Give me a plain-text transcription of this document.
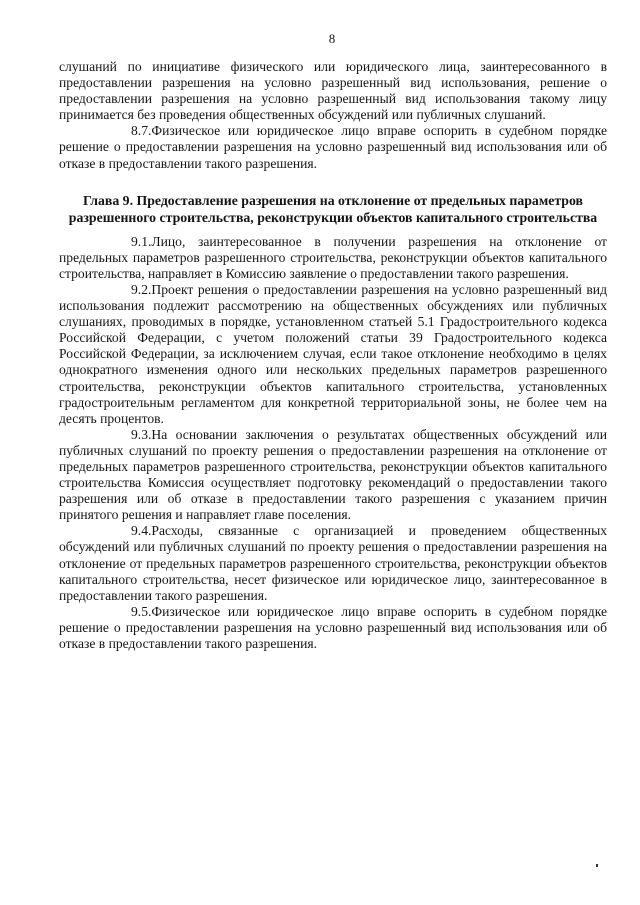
8

слушаний по инициативе физического или юридического лица, заинтересованного в предоставлении разрешения на условно разрешенный вид использования, решение о предоставлении разрешения на условно разрешенный вид использования такому лицу принимается без проведения общественных обсуждений или публичных слушаний.

8.7.Физическое или юридическое лицо вправе оспорить в судебном порядке решение о предоставлении разрешения на условно разрешенный вид использования или об отказе в предоставлении такого разрешения.

Глава 9. Предоставление разрешения на отклонение от предельных параметров разрешенного строительства, реконструкции объектов капитального строительства

9.1.Лицо, заинтересованное в получении разрешения на отклонение от предельных параметров разрешенного строительства, реконструкции объектов капитального строительства, направляет в Комиссию заявление о предоставлении такого разрешения.

9.2.Проект решения о предоставлении разрешения на условно разрешенный вид использования подлежит рассмотрению на общественных обсуждениях или публичных слушаниях, проводимых в порядке, установленном статьей 5.1 Градостроительного кодекса Российской Федерации, с учетом положений статьи 39 Градостроительного кодекса Российской Федерации, за исключением случая, если такое отклонение необходимо в целях однократного изменения одного или нескольких предельных параметров разрешенного строительства, реконструкции объектов капитального строительства, установленных градостроительным регламентом для конкретной территориальной зоны, не более чем на десять процентов.

9.3.На основании заключения о результатах общественных обсуждений или публичных слушаний по проекту решения о предоставлении разрешения на отклонение от предельных параметров разрешенного строительства, реконструкции объектов капитального строительства Комиссия осуществляет подготовку рекомендаций о предоставлении такого разрешения или об отказе в предоставлении такого разрешения с указанием причин принятого решения и направляет главе поселения.

9.4.Расходы, связанные с организацией и проведением общественных обсуждений или публичных слушаний по проекту решения о предоставлении разрешения на отклонение от предельных параметров разрешенного строительства, реконструкции объектов капитального строительства, несет физическое или юридическое лицо, заинтересованное в предоставлении такого разрешения.

9.5.Физическое или юридическое лицо вправе оспорить в судебном порядке решение о предоставлении разрешения на условно разрешенный вид использования или об отказе в предоставлении такого разрешения.
